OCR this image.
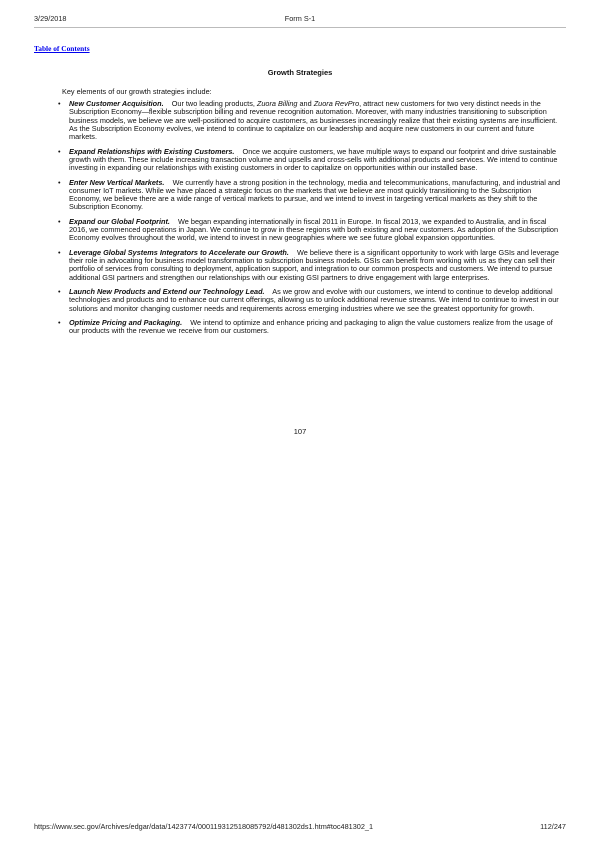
3/29/2018	Form S-1
Table of Contents
Growth Strategies
Key elements of our growth strategies include:
• New Customer Acquisition. Our two leading products, Zuora Billing and Zuora RevPro, attract new customers for two very distinct needs in the Subscription Economy—flexible subscription billing and revenue recognition automation. Moreover, with many industries transitioning to subscription business models, we believe we are well-positioned to acquire customers, as businesses increasingly realize that their existing systems are insufficient. As the Subscription Economy evolves, we intend to continue to capitalize on our leadership and acquire new customers in our current and future markets.
• Expand Relationships with Existing Customers. Once we acquire customers, we have multiple ways to expand our footprint and drive sustainable growth with them. These include increasing transaction volume and upsells and cross-sells with additional products and services. We intend to continue investing in expanding our relationships with existing customers in order to capitalize on opportunities within our installed base.
• Enter New Vertical Markets. We currently have a strong position in the technology, media and telecommunications, manufacturing, and industrial and consumer IoT markets. While we have placed a strategic focus on the markets that we believe are most quickly transitioning to the Subscription Economy, we believe there are a wide range of vertical markets to pursue, and we intend to invest in targeting vertical markets as they shift to the Subscription Economy.
• Expand our Global Footprint. We began expanding internationally in fiscal 2011 in Europe. In fiscal 2013, we expanded to Australia, and in fiscal 2016, we commenced operations in Japan. We continue to grow in these regions with both existing and new customers. As adoption of the Subscription Economy evolves throughout the world, we intend to invest in new geographies where we see future global expansion opportunities.
• Leverage Global Systems Integrators to Accelerate our Growth. We believe there is a significant opportunity to work with large GSIs and leverage their role in advocating for business model transformation to subscription business models. GSIs can benefit from working with us as they can sell their portfolio of services from consulting to deployment, application support, and integration to our common prospects and customers. We intend to pursue additional GSI partners and strengthen our relationships with our existing GSI partners to drive engagement with large enterprises.
• Launch New Products and Extend our Technology Lead. As we grow and evolve with our customers, we intend to continue to develop additional technologies and products and to enhance our current offerings, allowing us to unlock additional revenue streams. We intend to continue to invest in our solutions and monitor changing customer needs and requirements across emerging industries where we see the greatest opportunity for growth.
• Optimize Pricing and Packaging. We intend to optimize and enhance pricing and packaging to align the value customers realize from the usage of our products with the revenue we receive from our customers.
107
https://www.sec.gov/Archives/edgar/data/1423774/000119312518085792/d481302ds1.htm#toc481302_1	112/247
